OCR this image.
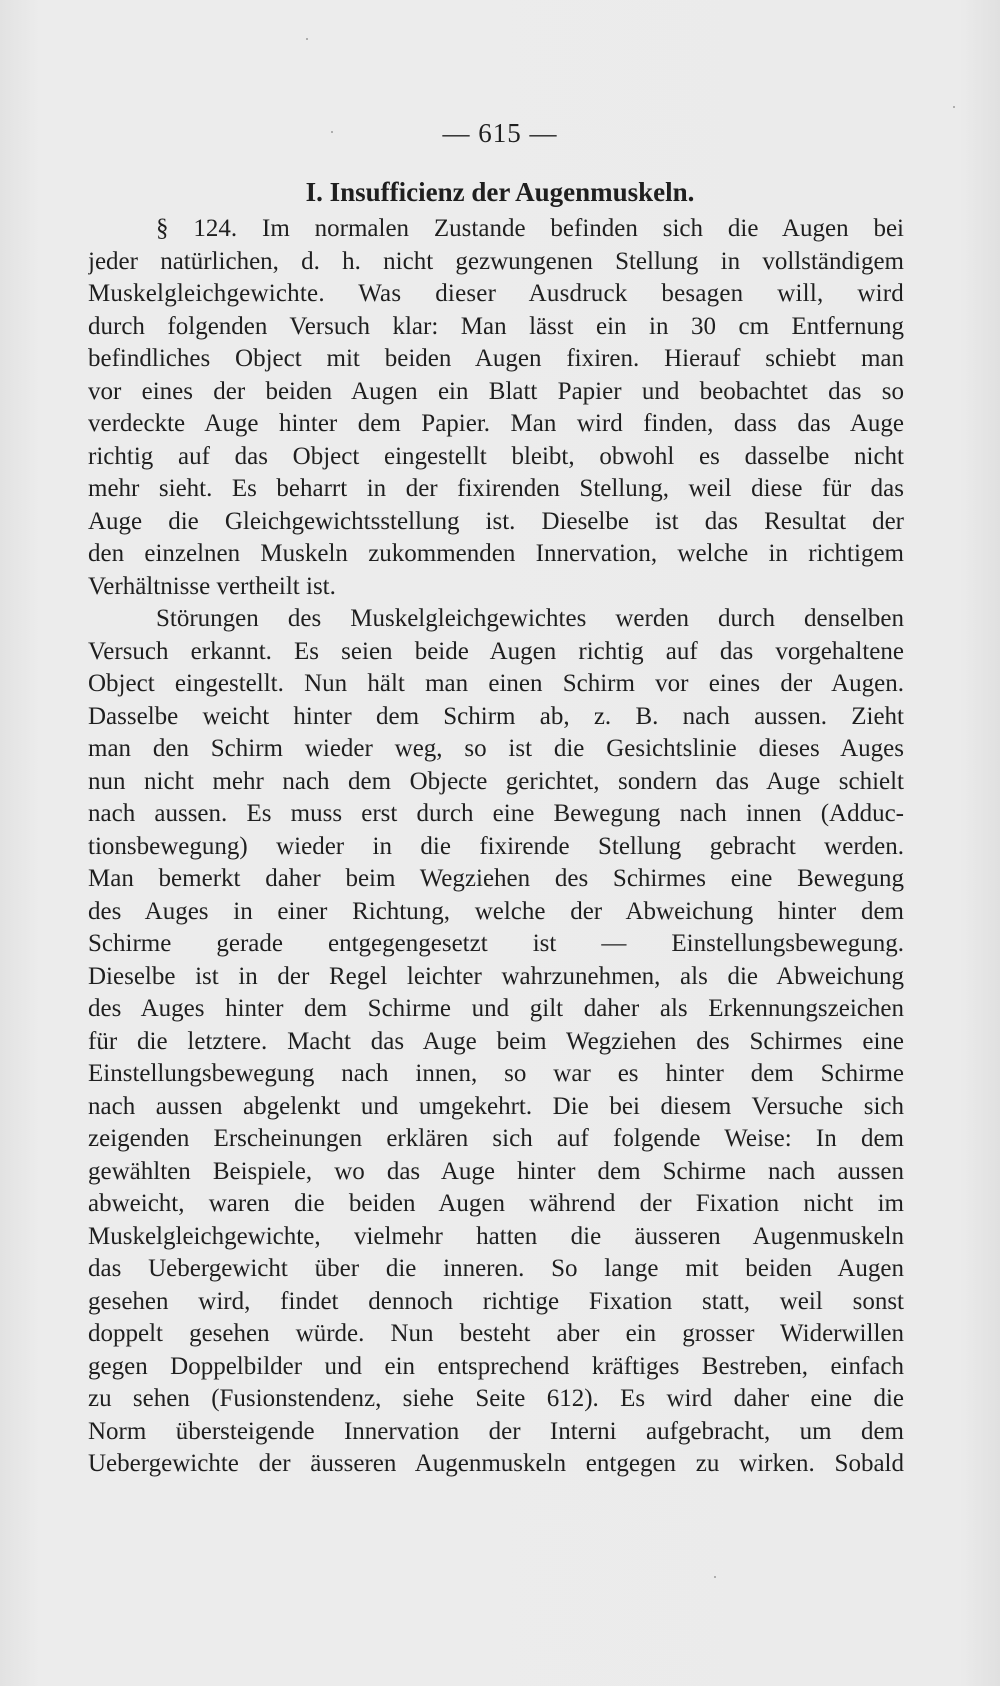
— 615 —
I. Insufficienz der Augenmuskeln.
§ 124. Im normalen Zustande befinden sich die Augen bei
jeder natürlichen, d. h. nicht gezwungenen Stellung in vollständigem
Muskelgleichgewichte. Was dieser Ausdruck besagen will, wird
durch folgenden Versuch klar: Man lässt ein in 30 cm Entfernung
befindliches Object mit beiden Augen fixiren. Hierauf schiebt man
vor eines der beiden Augen ein Blatt Papier und beobachtet das so
verdeckte Auge hinter dem Papier. Man wird finden, dass das Auge
richtig auf das Object eingestellt bleibt, obwohl es dasselbe nicht
mehr sieht. Es beharrt in der fixirenden Stellung, weil diese für das
Auge die Gleichgewichtsstellung ist. Dieselbe ist das Resultat der
den einzelnen Muskeln zukommenden Innervation, welche in richtigem
Verhältnisse vertheilt ist.
Störungen des Muskelgleichgewichtes werden durch denselben
Versuch erkannt. Es seien beide Augen richtig auf das vorgehaltene
Object eingestellt. Nun hält man einen Schirm vor eines der Augen.
Dasselbe weicht hinter dem Schirm ab, z. B. nach aussen. Zieht
man den Schirm wieder weg, so ist die Gesichtslinie dieses Auges
nun nicht mehr nach dem Objecte gerichtet, sondern das Auge schielt
nach aussen. Es muss erst durch eine Bewegung nach innen (Adduc-
tionsbewegung) wieder in die fixirende Stellung gebracht werden.
Man bemerkt daher beim Wegziehen des Schirmes eine Bewegung
des Auges in einer Richtung, welche der Abweichung hinter dem
Schirme gerade entgegengesetzt ist — Einstellungsbewegung.
Dieselbe ist in der Regel leichter wahrzunehmen, als die Abweichung
des Auges hinter dem Schirme und gilt daher als Erkennungszeichen
für die letztere. Macht das Auge beim Wegziehen des Schirmes eine
Einstellungsbewegung nach innen, so war es hinter dem Schirme
nach aussen abgelenkt und umgekehrt. Die bei diesem Versuche sich
zeigenden Erscheinungen erklären sich auf folgende Weise: In dem
gewählten Beispiele, wo das Auge hinter dem Schirme nach aussen
abweicht, waren die beiden Augen während der Fixation nicht im
Muskelgleichgewichte, vielmehr hatten die äusseren Augenmuskeln
das Uebergewicht über die inneren. So lange mit beiden Augen
gesehen wird, findet dennoch richtige Fixation statt, weil sonst
doppelt gesehen würde. Nun besteht aber ein grosser Widerwillen
gegen Doppelbilder und ein entsprechend kräftiges Bestreben, einfach
zu sehen (Fusionstendenz, siehe Seite 612). Es wird daher eine die
Norm übersteigende Innervation der Interni aufgebracht, um dem
Uebergewichte der äusseren Augenmuskeln entgegen zu wirken. Sobald
